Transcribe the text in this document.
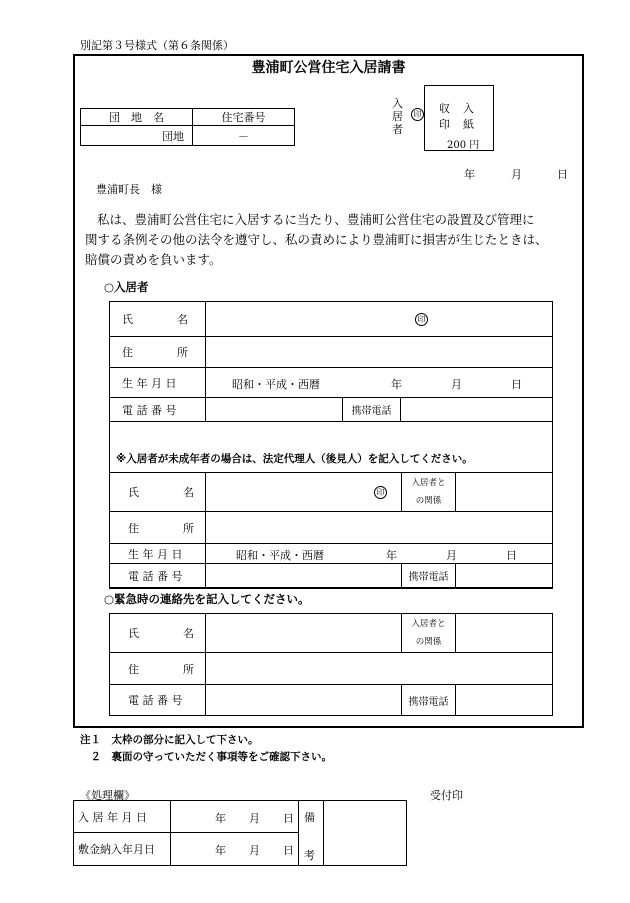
別記第３号様式（第６条関係）
豊浦町公営住宅入居請書
団　地　名	住宅番号
団地	－
入
居
者
印 収　入
印　紙
200 円
年	月	日
豊浦町長　様
私は、豊浦町公営住宅に入居するに当たり、豊浦町公営住宅の設置及び管理に
関する条例その他の法令を遵守し、私の責めにより豊浦町に損害が生じたときは、
賠償の責めを負います。
○入居者
氏　　　　名	印		
住　　　　所			
生 年 月 日	昭和・平成・西暦 年 月 日		

電 話 番 号		携帯電話	
※入居者が未成年者の場合は、法定代理人（後見人）を記入してください。
氏　　　　名	印	入居者と
の関係	

住　　　　所			
生 年 月 日	昭和・平成・西暦 年 月 日		

電 話 番 号		携帯電話	
○緊急時の連絡先を記入してください。
氏　　　　名		入居者と
の関係	

住　　　　所			
電 話 番 号		携帯電話	
注１　太枠の部分に記入して下さい。
　２　裏面の守っていただく事項等をご確認下さい。
《処理欄》	受付印
入 居 年 月 日	年 月 日	備
考	

敷金納入年月日	年 月 日		
